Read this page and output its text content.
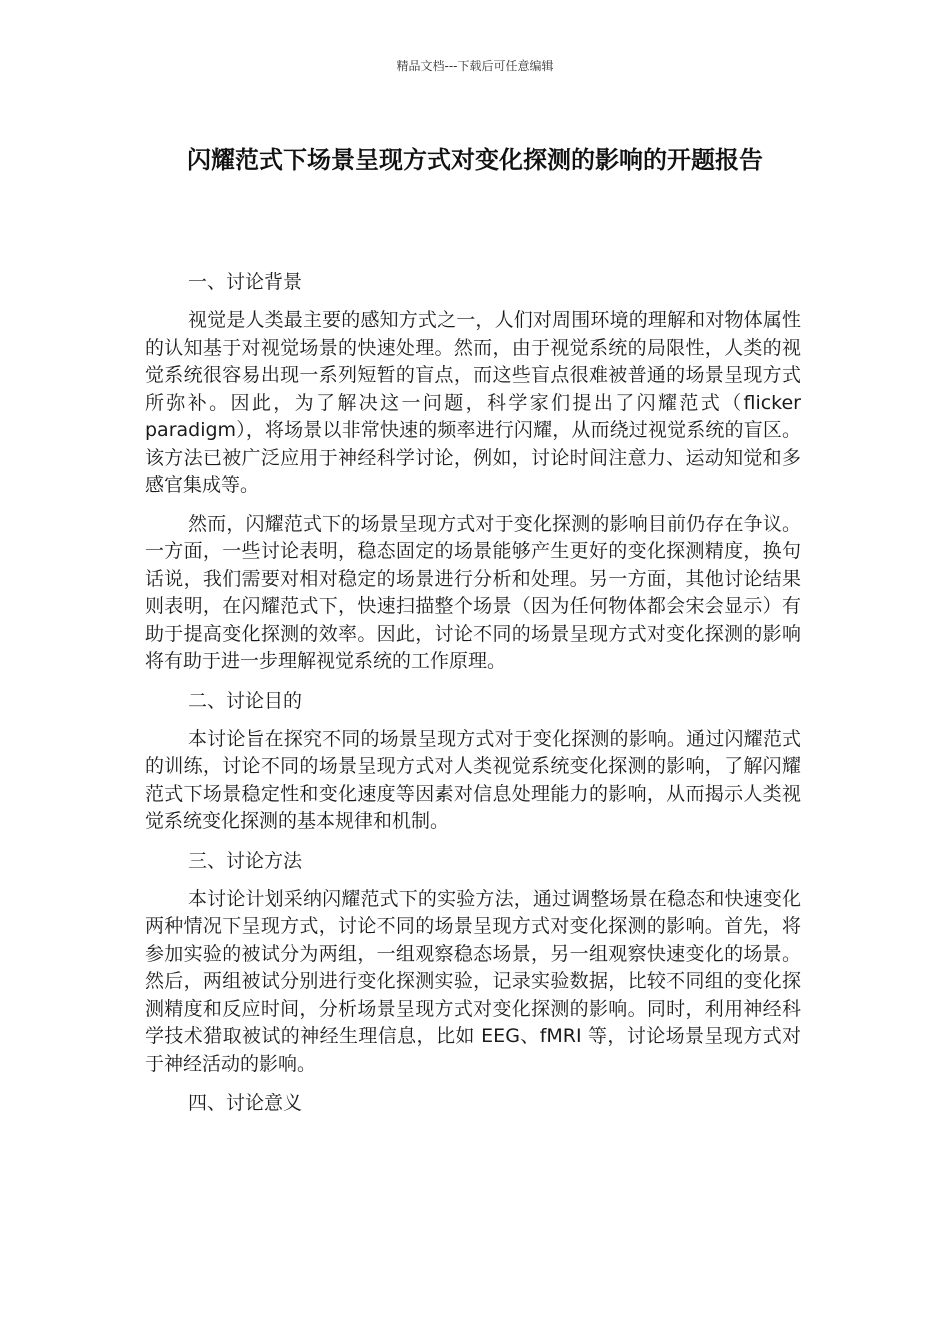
精品文档---下载后可任意编辑
闪耀范式下场景呈现方式对变化探测的影响的开题报告

一、讨论背景

视觉是人类最主要的感知方式之一，人们对周围环境的理解和对物体属性的认知基于对视觉场景的快速处理。然而，由于视觉系统的局限性，人类的视觉系统很容易出现一系列短暂的盲点，而这些盲点很难被普通的场景呈现方式所弥补。因此，为了解决这一问题，科学家们提出了闪耀范式（flicker paradigm），将场景以非常快速的频率进行闪耀，从而绕过视觉系统的盲区。该方法已被广泛应用于神经科学讨论，例如，讨论时间注意力、运动知觉和多感官集成等。

然而，闪耀范式下的场景呈现方式对于变化探测的影响目前仍存在争议。一方面，一些讨论表明，稳态固定的场景能够产生更好的变化探测精度，换句话说，我们需要对相对稳定的场景进行分析和处理。另一方面，其他讨论结果则表明，在闪耀范式下，快速扫描整个场景（因为任何物体都会宋会显示）有助于提高变化探测的效率。因此，讨论不同的场景呈现方式对变化探测的影响将有助于进一步理解视觉系统的工作原理。

二、讨论目的

本讨论旨在探究不同的场景呈现方式对于变化探测的影响。通过闪耀范式的训练，讨论不同的场景呈现方式对人类视觉系统变化探测的影响，了解闪耀范式下场景稳定性和变化速度等因素对信息处理能力的影响，从而揭示人类视觉系统变化探测的基本规律和机制。

三、讨论方法

本讨论计划采纳闪耀范式下的实验方法，通过调整场景在稳态和快速变化两种情况下呈现方式，讨论不同的场景呈现方式对变化探测的影响。首先，将参加实验的被试分为两组，一组观察稳态场景，另一组观察快速变化的场景。然后，两组被试分别进行变化探测实验，记录实验数据，比较不同组的变化探测精度和反应时间，分析场景呈现方式对变化探测的影响。同时，利用神经科学技术猎取被试的神经生理信息，比如 EEG、fMRI 等，讨论场景呈现方式对于神经活动的影响。

四、讨论意义
